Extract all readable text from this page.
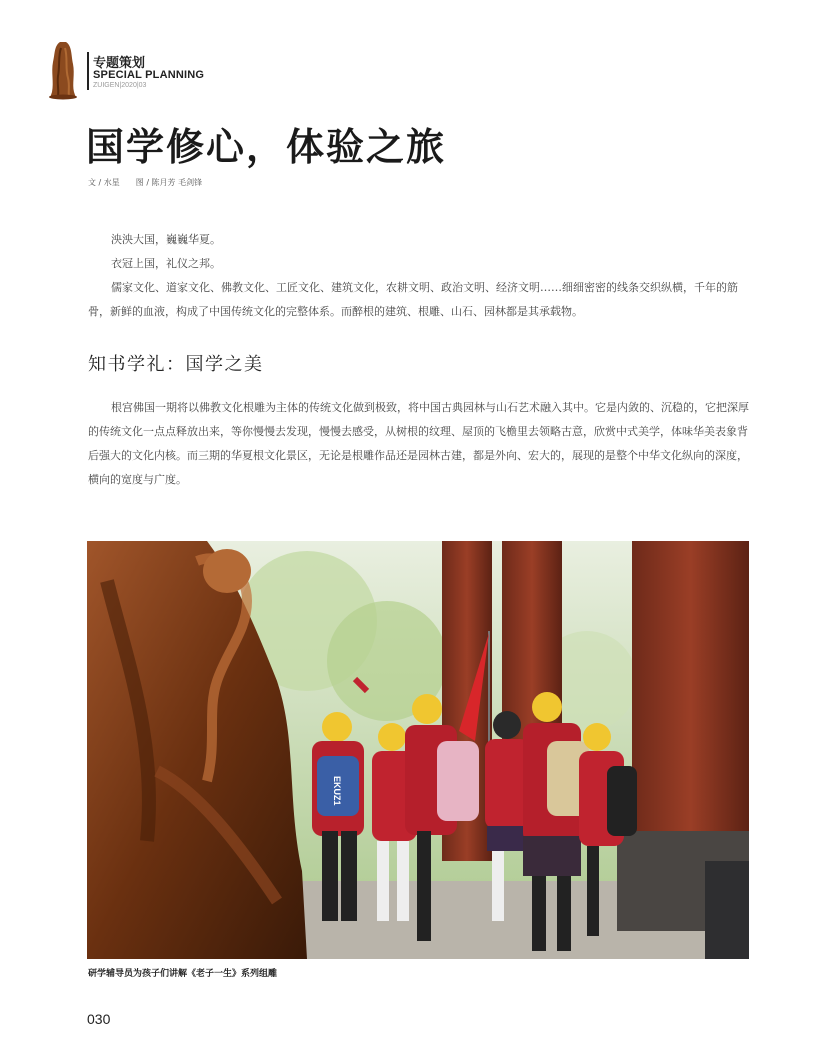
专题策划
SPECIAL PLANNING
ZUIGEN|2020|03
国学修心，体验之旅
文 / 水星　　图 / 陈月芳 毛剑锋

泱泱大国，巍巍华夏。

衣冠上国，礼仪之邦。

儒家文化、道家文化、佛教文化、工匠文化、建筑文化，农耕文明、政治文明、经济文明……细细密密的线条交织纵横，千年的筋骨，新鲜的血液，构成了中国传统文化的完整体系。而醉根的建筑、根雕、山石、园林都是其承载物。

知书学礼：国学之美

根宫佛国一期将以佛教文化根雕为主体的传统文化做到极致，将中国古典园林与山石艺术融入其中。它是内敛的、沉稳的，它把深厚的传统文化一点点释放出来，等你慢慢去发现，慢慢去感受，从树根的纹理、屋顶的飞檐里去领略古意，欣赏中式美学，体味华美表象背后强大的文化内核。而三期的华夏根文化景区，无论是根雕作品还是园林古建，都是外向、宏大的，展现的是整个中华文化纵向的深度，横向的宽度与广度。

EKUZ1
研学辅导员为孩子们讲解《老子一生》系列组雕
030
